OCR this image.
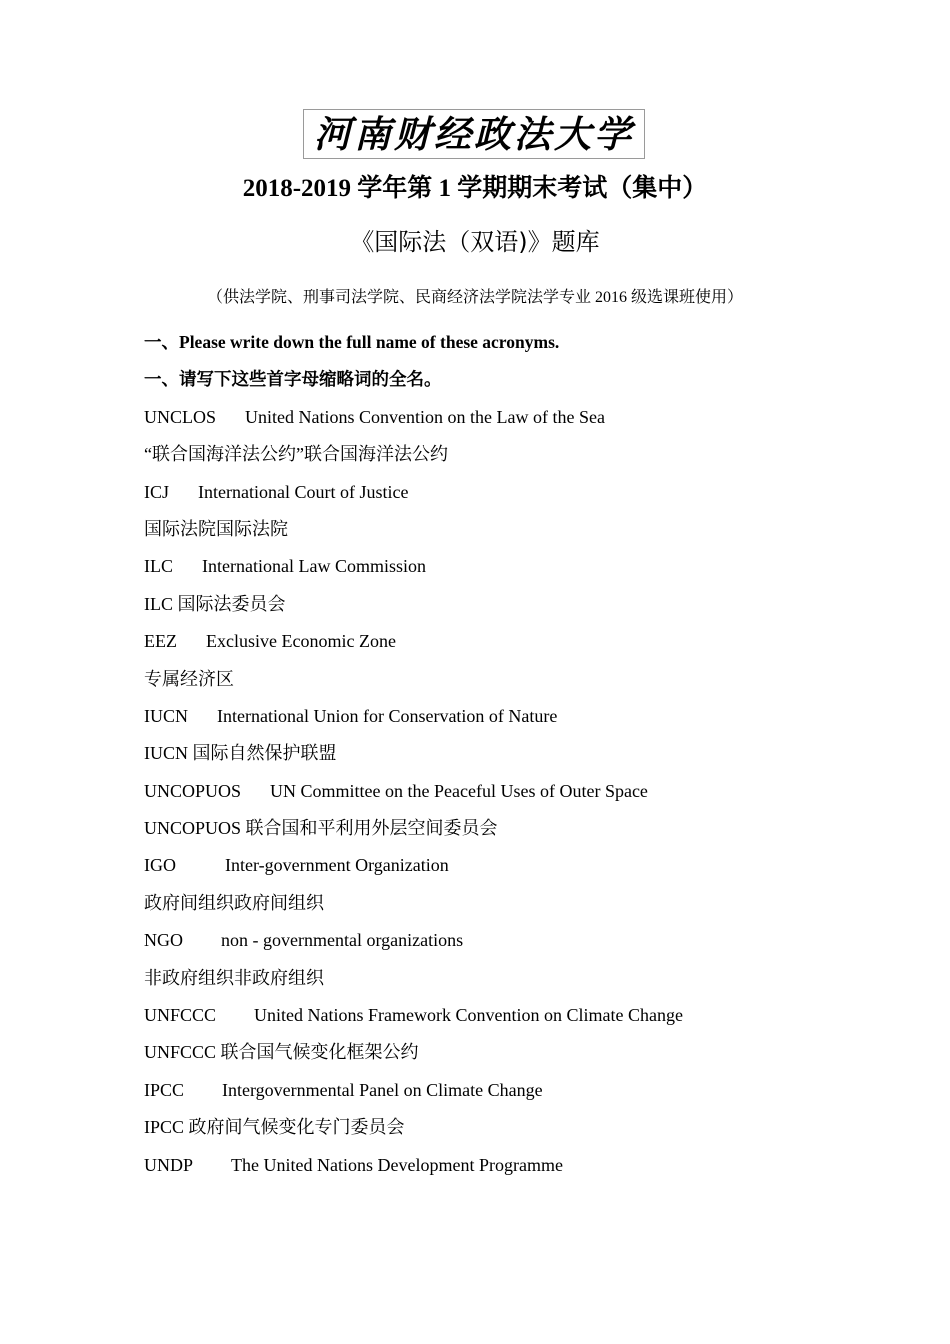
河南财经政法大学
2018-2019 学年第 1 学期期末考试（集中）
《国际法（双语)》题库
（供法学院、刑事司法学院、民商经济法学院法学专业 2016 级选课班使用）
一、Please write down the full name of these acronyms.
一、请写下这些首字母缩略词的全名。
UNCLOS United Nations Convention on the Law of the Sea
“联合国海洋法公约”联合国海洋法公约
ICJ International Court of Justice
国际法院国际法院
ILC International Law Commission
ILC 国际法委员会
EEZ Exclusive Economic Zone
专属经济区
IUCN International Union for Conservation of Nature
IUCN 国际自然保护联盟
UNCOPUOS UN Committee on the Peaceful Uses of Outer Space
UNCOPUOS 联合国和平利用外层空间委员会
IGO	Inter-government Organization
政府间组织政府间组织
NGO non - governmental organizations
非政府组织非政府组织
UNFCCC United Nations Framework Convention on Climate Change
UNFCCC 联合国气候变化框架公约
IPCC Intergovernmental Panel on Climate Change
IPCC 政府间气候变化专门委员会
UNDP The United Nations Development Programme
